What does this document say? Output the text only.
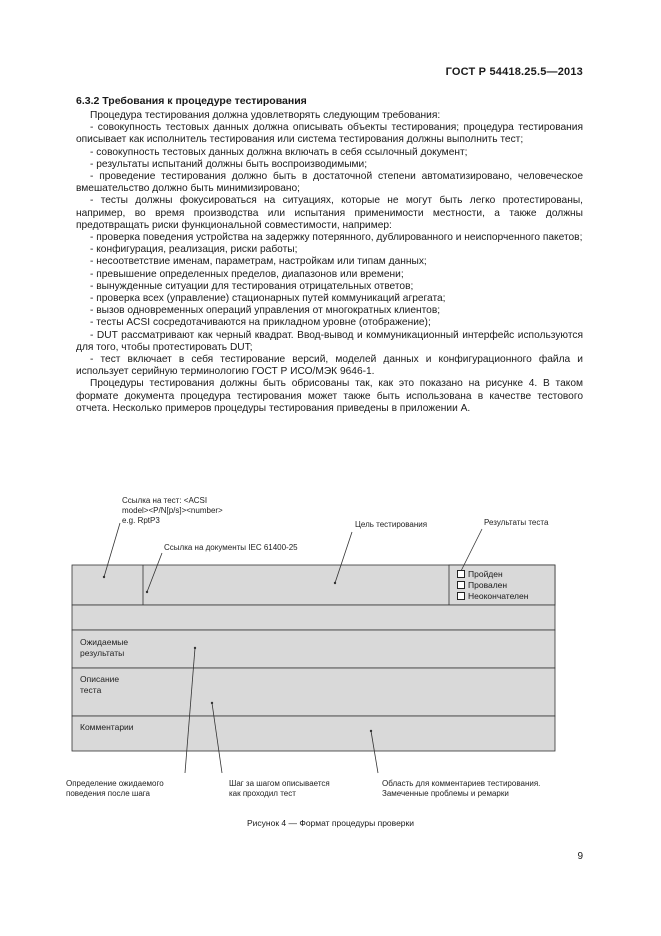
ГОСТ Р 54418.25.5—2013
6.3.2 Требования к процедуре тестирования

Процедура тестирования должна удовлетворять следующим требования:

- совокупность тестовых данных должна описывать объекты тестирования; процедура тестирования описывает как исполнитель тестирования или система тестирования должны выполнить тест;

- совокупность тестовых данных должна включать в себя ссылочный документ;

- результаты испытаний должны быть воспроизводимыми;

- проведение тестирования должно быть в достаточной степени автоматизировано, человеческое вмешательство должно быть минимизировано;

- тесты должны фокусироваться на ситуациях, которые не могут быть легко протестированы, например, во время производства или испытания применимости местности, а также должны предотвращать риски функциональной совместимости, например:

- проверка поведения устройства на задержку потерянного, дублированного и неиспорченного пакетов;

- конфигурация, реализация, риски работы;

- несоответствие именам, параметрам, настройкам или типам данных;

- превышение определенных пределов, диапазонов или времени;

- вынужденные ситуации для тестирования отрицательных ответов;

- проверка всех (управление) стационарных путей коммуникаций агрегата;

- вызов одновременных операций управления от многократных клиентов;

- тесты ACSI сосредотачиваются на прикладном уровне (отображение);

- DUT рассматривают как черный квадрат. Ввод-вывод и коммуникационный интерфейс используются для того, чтобы протестировать DUT;

- тест включает в себя тестирование версий, моделей данных и конфигурационного файла и использует серийную терминологию ГОСТ Р ИСО/МЭК 9646-1.

Процедуры тестирования должны быть обрисованы так, как это показано на рисунке 4. В таком формате документа процедура тестирования может также быть использована в качестве тестового отчета. Несколько примеров процедуры тестирования приведены в приложении А.

Ссылка на тест: <ACSI
model><P/N[p/s]><number>
e.g. RptP3	Цель тестирования	Результаты теста
Ссылка на документы IEC 61400-25
Пройден
Провален
Неокончателен
Ожидаемые
результаты
Описание
теста
Комментарии
Определение ожидаемого
поведения после шага
Шаг за шагом описывается
как проходил тест
Область для комментариев тестирования.
Замеченные проблемы и ремарки
Рисунок 4 — Формат процедуры проверки
9
